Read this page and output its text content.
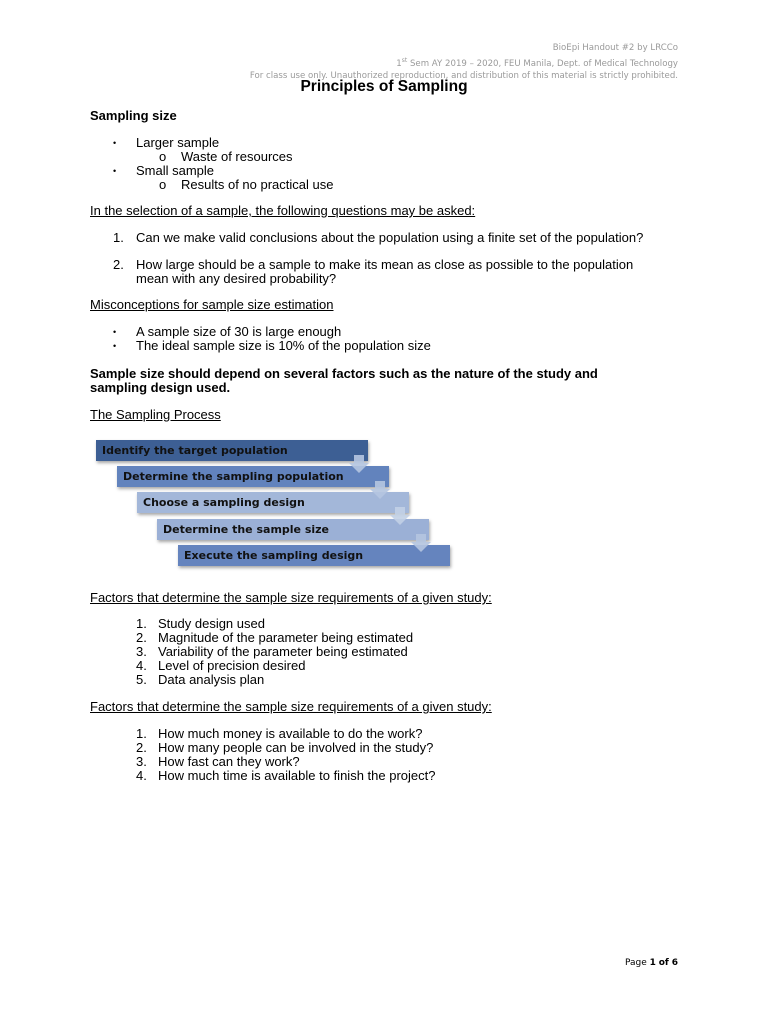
BioEpi Handout #2 by LRCCo
1st Sem AY 2019 – 2020, FEU Manila, Dept. of Medical Technology
For class use only. Unauthorized reproduction, and distribution of this material is strictly prohibited.
Principles of Sampling
Sampling size
• Larger sample
o Waste of resources
• Small sample
o Results of no practical use
In the selection of a sample, the following questions may be asked:
1. Can we make valid conclusions about the population using a finite set of the population?
2. How large should be a sample to make its mean as close as possible to the population
mean with any desired probability?
Misconceptions for sample size estimation
• A sample size of 30 is large enough
• The ideal sample size is 10% of the population size
Sample size should depend on several factors such as the nature of the study and
sampling design used.
The Sampling Process
Identify the target population
Determine the sampling population
Choose a sampling design
Determine the sample size
Execute the sampling design
Factors that determine the sample size requirements of a given study:
1. Study design used
2. Magnitude of the parameter being estimated
3. Variability of the parameter being estimated
4. Level of precision desired
5. Data analysis plan
Factors that determine the sample size requirements of a given study:
1. How much money is available to do the work?
2. How many people can be involved in the study?
3. How fast can they work?
4. How much time is available to finish the project?
Page 1 of 6
